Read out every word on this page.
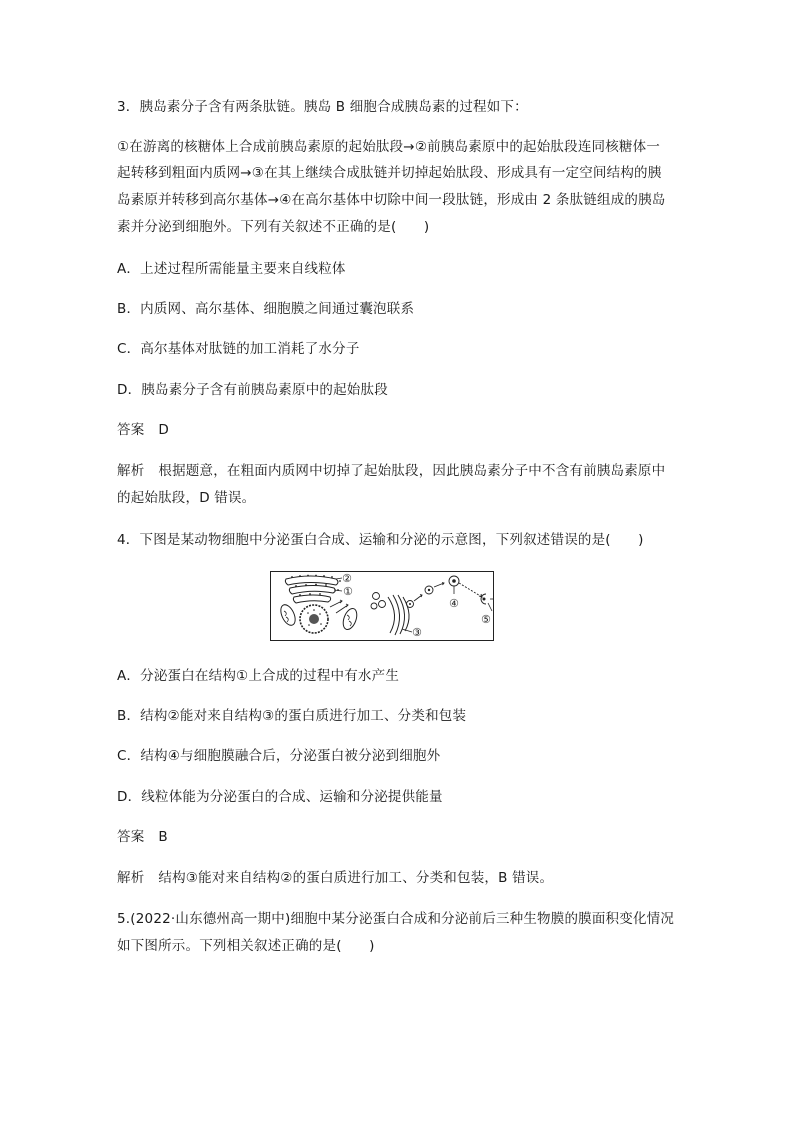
3．胰岛素分子含有两条肽链。胰岛 B 细胞合成胰岛素的过程如下：
①在游离的核糖体上合成前胰岛素原的起始肽段→②前胰岛素原中的起始肽段连同核糖体一
起转移到粗面内质网→③在其上继续合成肽链并切掉起始肽段、形成具有一定空间结构的胰
岛素原并转移到高尔基体→④在高尔基体中切除中间一段肽链，形成由 2 条肽链组成的胰岛
素并分泌到细胞外。下列有关叙述不正确的是(　　)
A．上述过程所需能量主要来自线粒体
B．内质网、高尔基体、细胞膜之间通过囊泡联系
C．高尔基体对肽链的加工消耗了水分子
D．胰岛素分子含有前胰岛素原中的起始肽段
答案 D
解析 根据题意，在粗面内质网中切掉了起始肽段，因此胰岛素分子中不含有前胰岛素原中
的起始肽段，D 错误。
4．下图是某动物细胞中分泌蛋白合成、运输和分泌的示意图，下列叙述错误的是(　　)
②
①
③
④
⑤
A．分泌蛋白在结构①上合成的过程中有水产生
B．结构②能对来自结构③的蛋白质进行加工、分类和包装
C．结构④与细胞膜融合后，分泌蛋白被分泌到细胞外
D．线粒体能为分泌蛋白的合成、运输和分泌提供能量
答案 B
解析 结构③能对来自结构②的蛋白质进行加工、分类和包装，B 错误。
5.(2022·山东德州高一期中)细胞中某分泌蛋白合成和分泌前后三种生物膜的膜面积变化情况
如下图所示。下列相关叙述正确的是(　　)
